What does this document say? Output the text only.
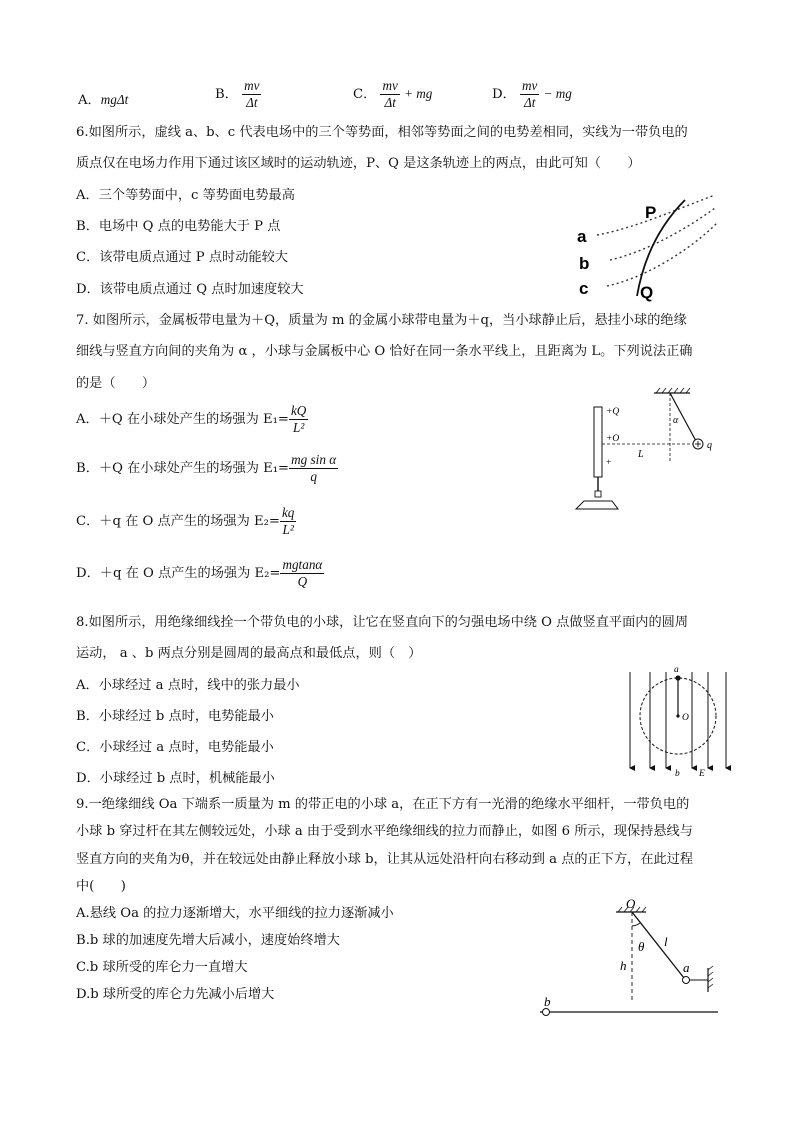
A．mgΔt	B． $\frac{mv}{\Delta t}$	C． $\frac{mv}{\Delta t}$ + mg	D． $\frac{mv}{\Delta t}$ − mg
6.如图所示，虚线 a、b、c 代表电场中的三个等势面，相邻等势面之间的电势差相同，实线为一带负电的
质点仅在电场力作用下通过该区域时的运动轨迹，P、Q 是这条轨迹上的两点，由此可知（　　）
A．三个等势面中，c 等势面电势最高
B．电场中 Q 点的电势能大于 P 点
C．该带电质点通过 P 点时动能较大
D．该带电质点通过 Q 点时加速度较大
a
b
c
P
Q
7. 如图所示，金属板带电量为＋Q，质量为 m 的金属小球带电量为＋q，当小球静止后，悬挂小球的绝缘
细线与竖直方向间的夹角为 α ，小球与金属板中心 O 恰好在同一条水平线上，且距离为 L。下列说法正确
的是（　　）
A．＋Q 在小球处产生的场强为 $E_1= \frac{kQ}{\text{L²}}$
B．＋Q 在小球处产生的场强为 $E_1= \frac{\text{mg sin α}}{q}$
C．＋q 在 O 点产生的场强为 $E_2= \frac{kq}{\text{L²}}$
D．＋q 在 O 点产生的场强为 $E_2= \frac{mgtan\alpha}{Q}$
+Q
+O
+
L
α
q
8.如图所示，用绝缘细线拴一个带负电的小球，让它在竖直向下的匀强电场中绕 O 点做竖直平面内的圆周
运动， a 、b 两点分别是圆周的最高点和最低点，则（　）
A．小球经过 a 点时，线中的张力最小
B．小球经过 b 点时，电势能最小
C．小球经过 a 点时，电势能最小
D．小球经过 b 点时，机械能最小
a
O
b E
9.一绝缘细线 Oa 下端系一质量为 m 的带正电的小球 a，在正下方有一光滑的绝缘水平细杆，一带负电的
小球 b 穿过杆在其左侧较远处，小球 a 由于受到水平绝缘细线的拉力而静止，如图 6 所示，现保持悬线与
竖直方向的夹角为θ，并在较远处由静止释放小球 b，让其从远处沿杆向右移动到 a 点的正下方，在此过程
中(　　)
A.悬线 Oa 的拉力逐渐增大，水平细线的拉力逐渐减小
B.b 球的加速度先增大后减小，速度始终增大
C.b 球所受的库仑力一直增大
D.b 球所受的库仑力先减小后增大
O
θ l
h	a
b
